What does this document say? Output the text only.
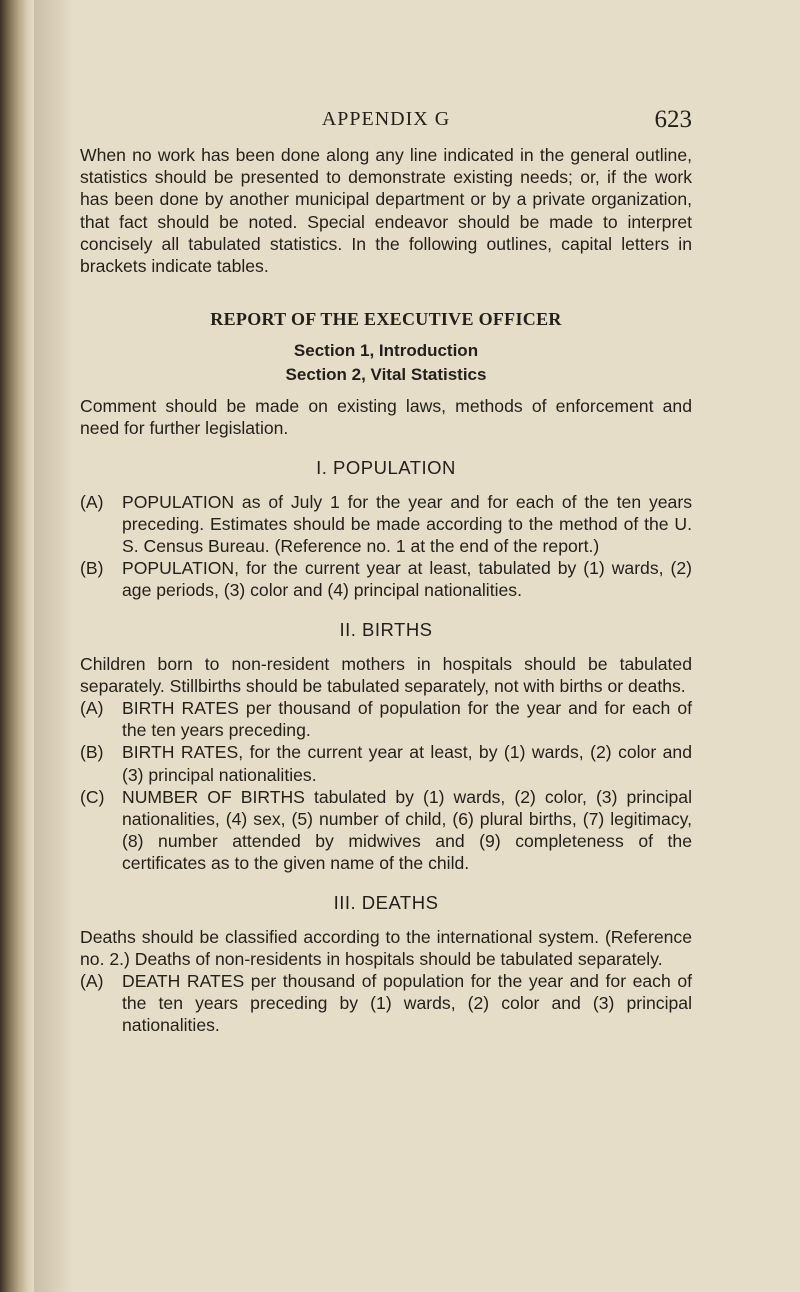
APPENDIX G	623

When no work has been done along any line indicated in the general outline, statistics should be presented to demonstrate existing needs; or, if the work has been done by another municipal department or by a private organization, that fact should be noted. Special endeavor should be made to interpret concisely all tabulated statistics. In the following outlines, capital letters in brackets indicate tables.

REPORT OF THE EXECUTIVE OFFICER
Section 1, Introduction
Section 2, Vital Statistics

Comment should be made on existing laws, methods of enforcement and need for further legislation.

I. POPULATION
(A)	POPULATION as of July 1 for the year and for each of the ten years preceding. Estimates should be made according to the method of the U. S. Census Bureau. (Reference no. 1 at the end of the report.)
(B)	POPULATION, for the current year at least, tabulated by (1) wards, (2) age periods, (3) color and (4) principal nationalities.
II. BIRTHS

Children born to non-resident mothers in hospitals should be tabulated separately. Stillbirths should be tabulated separately, not with births or deaths.

(A)	BIRTH RATES per thousand of population for the year and for each of the ten years preceding.
(B)	BIRTH RATES, for the current year at least, by (1) wards, (2) color and (3) principal nationalities.
(C) NUMBER OF BIRTHS tabulated by (1) wards, (2) color, (3) principal nationalities, (4) sex, (5) number of child, (6) plural births, (7) legitimacy, (8) number attended by midwives and (9) completeness of the certificates as to the given name of the child.
III. DEATHS

Deaths should be classified according to the international system. (Reference no. 2.) Deaths of non-residents in hospitals should be tabulated separately.

(A)	DEATH RATES per thousand of population for the year and for each of the ten years preceding by (1) wards, (2) color and (3) principal nationalities.
